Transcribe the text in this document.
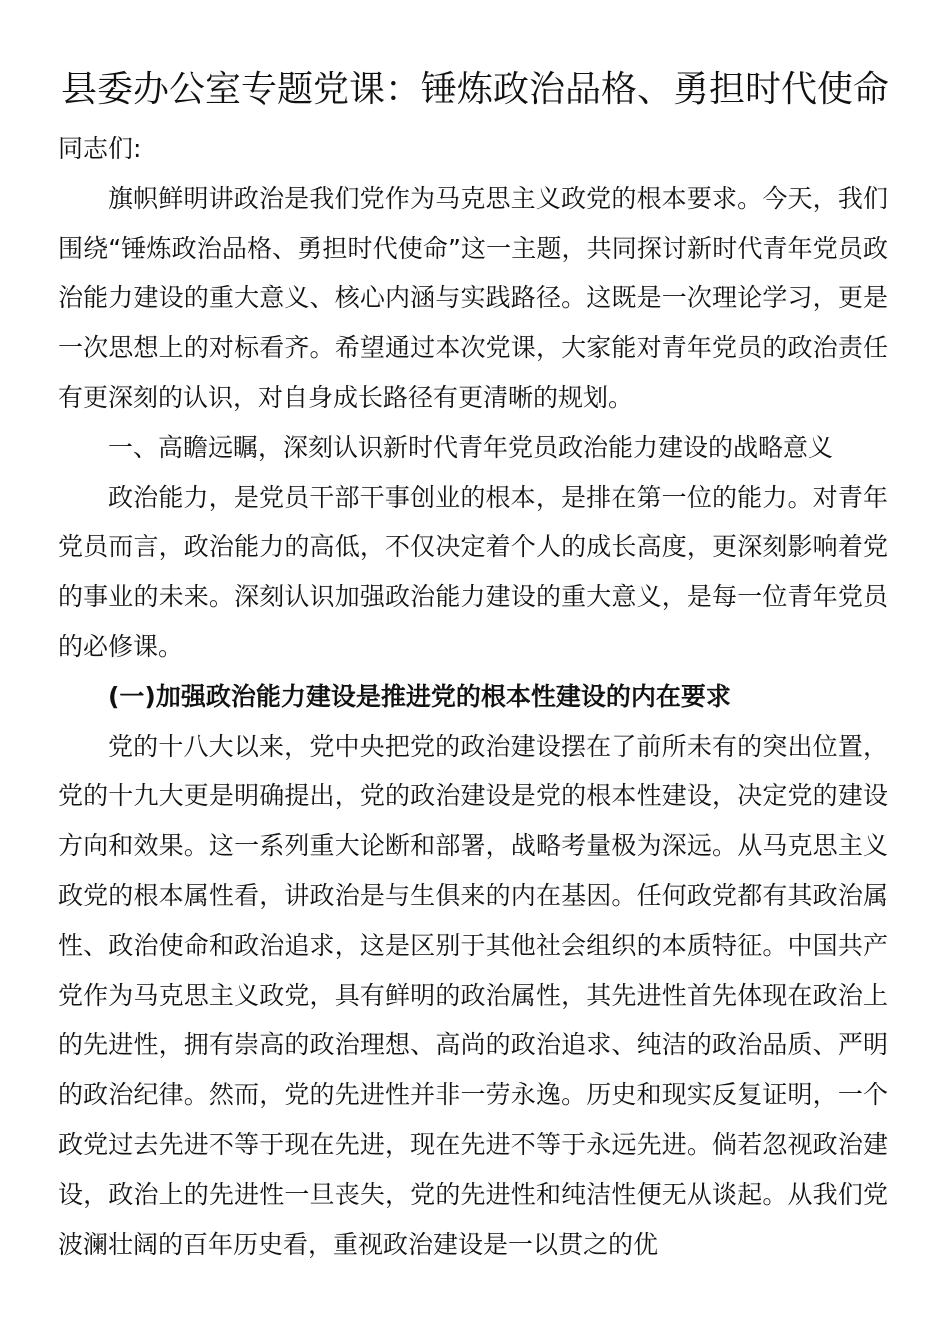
县委办公室专题党课：锤炼政治品格、勇担时代使命

同志们:

旗帜鲜明讲政治是我们党作为马克思主义政党的根本要求。今天，我们围绕“锤炼政治品格、勇担时代使命”这一主题，共同探讨新时代青年党员政治能力建设的重大意义、核心内涵与实践路径。这既是一次理论学习，更是一次思想上的对标看齐。希望通过本次党课，大家能对青年党员的政治责任有更深刻的认识，对自身成长路径有更清晰的规划。

一、高瞻远瞩，深刻认识新时代青年党员政治能力建设的战略意义

政治能力，是党员干部干事创业的根本，是排在第一位的能力。对青年党员而言，政治能力的高低，不仅决定着个人的成长高度，更深刻影响着党的事业的未来。深刻认识加强政治能力建设的重大意义，是每一位青年党员的必修课。

(一)加强政治能力建设是推进党的根本性建设的内在要求

党的十八大以来，党中央把党的政治建设摆在了前所未有的突出位置，党的十九大更是明确提出，党的政治建设是党的根本性建设，决定党的建设方向和效果。这一系列重大论断和部署，战略考量极为深远。从马克思主义政党的根本属性看，讲政治是与生俱来的内在基因。任何政党都有其政治属性、政治使命和政治追求，这是区别于其他社会组织的本质特征。中国共产党作为马克思主义政党，具有鲜明的政治属性，其先进性首先体现在政治上的先进性，拥有崇高的政治理想、高尚的政治追求、纯洁的政治品质、严明的政治纪律。然而，党的先进性并非一劳永逸。历史和现实反复证明，一个政党过去先进不等于现在先进，现在先进不等于永远先进。倘若忽视政治建设，政治上的先进性一旦丧失，党的先进性和纯洁性便无从谈起。从我们党波澜壮阔的百年历史看，重视政治建设是一以贯之的优
